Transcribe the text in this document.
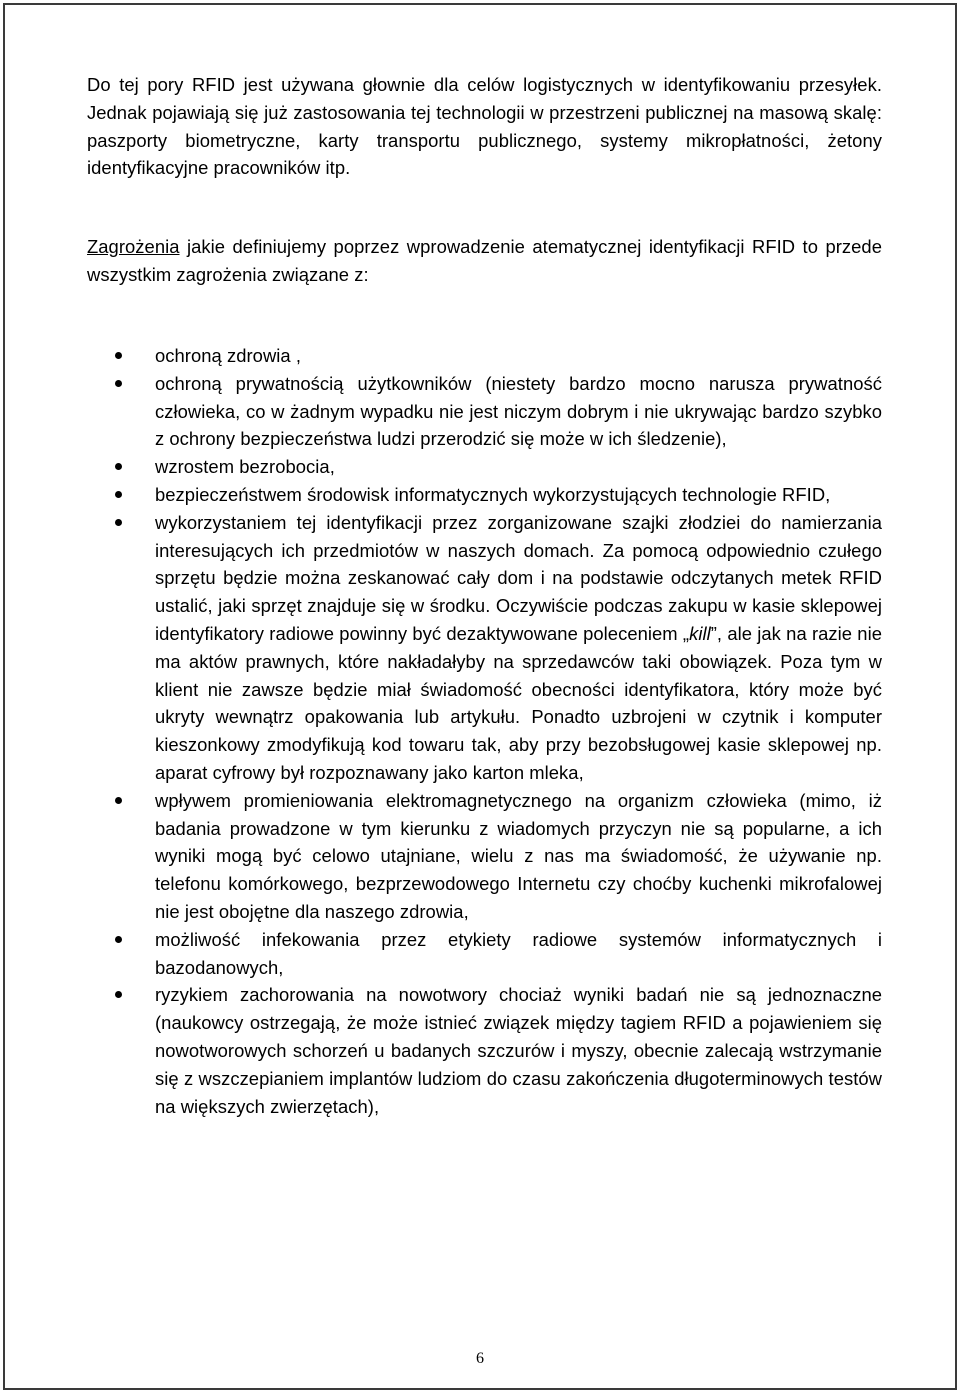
Do tej pory RFID jest używana głownie dla celów logistycznych w identyfikowaniu przesyłek. Jednak pojawiają się już zastosowania tej technologii w przestrzeni publicznej na masową skalę: paszporty biometryczne, karty transportu publicznego, systemy mikropłatności, żetony identyfikacyjne pracowników itp.

Zagrożenia jakie definiujemy poprzez wprowadzenie atematycznej identyfikacji RFID to przede wszystkim zagrożenia związane z:

ochroną zdrowia ,
ochroną prywatnością użytkowników (niestety bardzo mocno narusza prywatność człowieka, co w żadnym wypadku nie jest niczym dobrym i nie ukrywając bardzo szybko z ochrony bezpieczeństwa ludzi przerodzić się może w ich śledzenie),
wzrostem bezrobocia,
bezpieczeństwem środowisk informatycznych wykorzystujących technologie RFID,
wykorzystaniem tej identyfikacji przez zorganizowane szajki złodziei do namierzania interesujących ich przedmiotów w naszych domach. Za pomocą odpowiednio czułego sprzętu będzie można zeskanować cały dom i na podstawie odczytanych metek RFID ustalić, jaki sprzęt znajduje się w środku. Oczywiście podczas zakupu w kasie sklepowej identyfikatory radiowe powinny być dezaktywowane poleceniem „kill”, ale jak na razie nie ma aktów prawnych, które nakładałyby na sprzedawców taki obowiązek. Poza tym w klient nie zawsze będzie miał świadomość obecności identyfikatora, który może być ukryty wewnątrz opakowania lub artykułu. Ponadto uzbrojeni w czytnik i komputer kieszonkowy zmodyfikują kod towaru tak, aby przy bezobsługowej kasie sklepowej np. aparat cyfrowy był rozpoznawany jako karton mleka,
wpływem promieniowania elektromagnetycznego na organizm człowieka (mimo, iż badania prowadzone w tym kierunku z wiadomych przyczyn nie są popularne, a ich wyniki mogą być celowo utajniane, wielu z nas ma świadomość, że używanie np. telefonu komórkowego, bezprzewodowego Internetu czy choćby kuchenki mikrofalowej nie jest obojętne dla naszego zdrowia,
możliwość infekowania przez etykiety radiowe systemów informatycznych i bazodanowych,
ryzykiem zachorowania na nowotwory chociaż wyniki badań nie są jednoznaczne (naukowcy ostrzegają, że może istnieć związek między tagiem RFID a pojawieniem się nowotworowych schorzeń u badanych szczurów i myszy, obecnie zalecają wstrzymanie się z wszczepianiem implantów ludziom do czasu zakończenia długoterminowych testów na większych zwierzętach),
6
